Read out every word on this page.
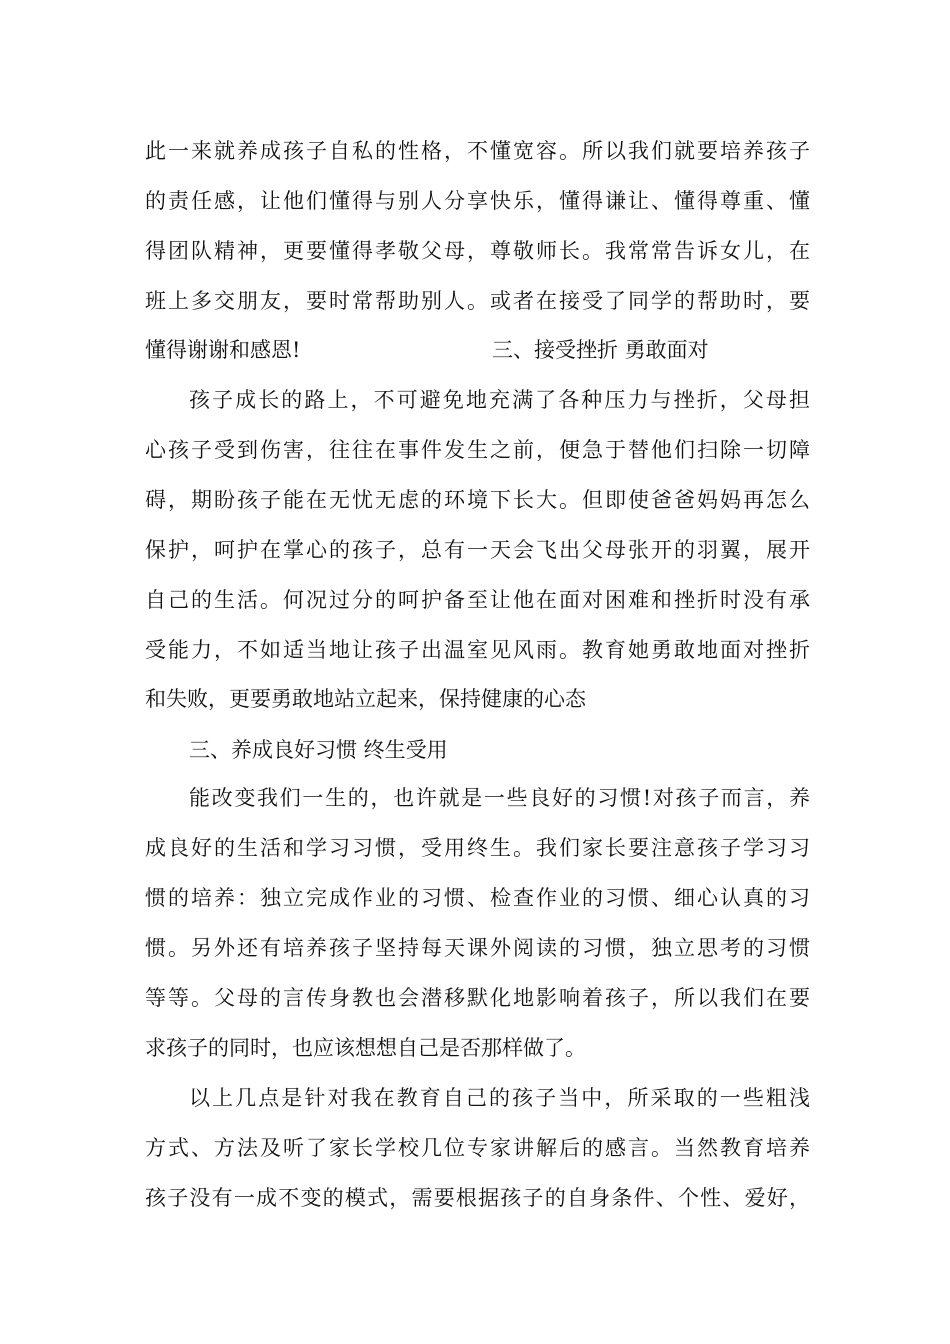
此一来就养成孩子自私的性格，不懂宽容。所以我们就要培养孩子
的责任感，让他们懂得与别人分享快乐，懂得谦让、懂得尊重、懂
得团队精神，更要懂得孝敬父母，尊敬师长。我常常告诉女儿，在
班上多交朋友，要时常帮助别人。或者在接受了同学的帮助时，要
懂得谢谢和感恩!	三、接受挫折 勇敢面对
孩子成长的路上，不可避免地充满了各种压力与挫折，父母担
心孩子受到伤害，往往在事件发生之前，便急于替他们扫除一切障
碍，期盼孩子能在无忧无虑的环境下长大。但即使爸爸妈妈再怎么
保护，呵护在掌心的孩子，总有一天会飞出父母张开的羽翼，展开
自己的生活。何况过分的呵护备至让他在面对困难和挫折时没有承
受能力，不如适当地让孩子出温室见风雨。教育她勇敢地面对挫折
和失败，更要勇敢地站立起来，保持健康的心态
三、养成良好习惯 终生受用
能改变我们一生的，也许就是一些良好的习惯!对孩子而言，养
成良好的生活和学习习惯，受用终生。我们家长要注意孩子学习习
惯的培养：独立完成作业的习惯、检查作业的习惯、细心认真的习
惯。另外还有培养孩子坚持每天课外阅读的习惯，独立思考的习惯
等等。父母的言传身教也会潜移默化地影响着孩子，所以我们在要
求孩子的同时，也应该想想自己是否那样做了。
以上几点是针对我在教育自己的孩子当中，所采取的一些粗浅
方式、方法及听了家长学校几位专家讲解后的感言。当然教育培养
孩子没有一成不变的模式，需要根据孩子的自身条件、个性、爱好，
